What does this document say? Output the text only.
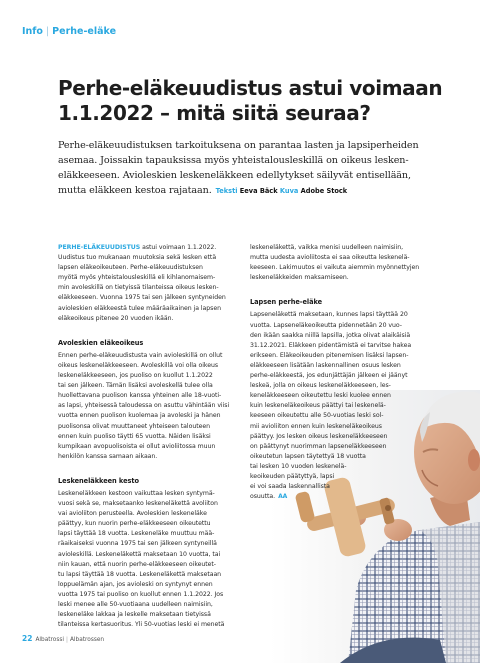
Info | Perhe-eläke
Perhe-eläkeuudistus astui voimaan
1.1.2022 – mitä siitä seuraa?
Perhe-eläkeuudistuksen tarkoituksena on parantaa lasten ja lapsiperheiden
asemaa. Joissakin tapauksissa myös yhteistalouslesk​illä on oikeus lesken-
eläkkeeseen. Avioleskien leskeneläkkeen edellytykset säilyvät entisellään,
mutta eläkkeen kestoa rajataan. Teksti Eeva Bäck Kuva Adobe Stock
PERHE-ELÄKEUUDISTUS astui voimaan 1.1.2022.
Uudistus tuo mukanaan muutoksia sekä lesken että
lapsen eläkeoikeuteen. Perhe-eläkeuudistuksen
myötä myös yhteistalouslesk​illä eli kihlanomaisem-
min avoleskillä on tietyissä tilanteissa oikeus lesken-
eläkkeeseen. Vuonna 1975 tai sen jälkeen syntyneiden
avioleskien eläkkeestä tulee määräaikainen ja lapsen
eläkeoikeus pitenee 20 vuoden ikään.
Avoleskien eläkeoikeus
Ennen perhe-eläkeuudistusta vain avioleskillä on ollut
oikeus leskeneläkkeeseen. Avoleskillä voi olla oikeus
leskeneläkkeeseen, jos puoliso on kuollut 1.1.2022
tai sen jälkeen. Tämän lisäksi avoleskellä tulee olla
huollettavana puolison kanssa yhteinen alle 18-vuoti-
as lapsi, yhteisessä taloudessa on asuttu vähintään viisi
vuotta ennen puolison kuolemaa ja avoleski ja hänen
puolisonsa olivat muuttaneet yhteiseen talouteen
ennen kuin puoliso täytti 65 vuotta. Näiden lisäksi
kumpikaan avopuolisoista ei ollut avioliitossa muun
henkilön kanssa samaan aikaan.
Leskeneläkkeen kesto
Leskeneläkkeen kestoon vaikuttaa lesken syntymä-
vuosi sekä se, maksetaanko leskeneläkettä avoliiton
vai avioliiton perusteella. Avoleskien leskeneläke
päättyy, kun nuorin perhe-eläkkeeseen oikeutettu
lapsi täyttää 18 vuotta. Leskeneläke muuttuu mää-
räaikaiseksi vuonna 1975 tai sen jälkeen syntyneillä
avioleskillä. Leskeneläkettä maksetaan 10 vuotta, tai
niin kauan, että nuorin perhe-eläkkeeseen oikeutet-
tu lapsi täyttää 18 vuotta. Leskeneläkettä maksetaan
loppuelämän ajan, jos avioleski on syntynyt ennen
vuotta 1975 tai puoliso on kuollut ennen 1.1.2022. Jos
leski menee alle 50-vuotiaana uudelleen naimisiin,
leskeneläke lakkaa ja leskelle maksetaan tietyissä
tilanteissa kertasuoritus. Yli 50-vuotias leski ei menetä
leskeneläkettä, vaikka menisi uudelleen naimisiin,
mutta uudesta avioliitosta ei saa oikeutta leskenelä-
keeseen. Lakimuutos ei vaikuta aiemmin myönnettyjen
leskeneläkkeiden maksamiseen.
Lapsen perhe-eläke
Lapseneläkettä maksetaan, kunnes lapsi täyttää 20
vuotta. Lapseneläkeoikeutta pidennetään 20 vuo-
den ikään saakka niillä lapsilla, jotka olivat alaikäisiä
31.12.2021. Eläkkeen pidentämistä ei tarvitse hakea
erikseen. Eläkeoikeuden pitenemisen lisäksi lapsen-
eläkkeeseen lisätään laskennallinen osuus lesken
perhe-eläkkeestä, jos edunjättäjän jälkeen ei jäänyt
leskeä, jolla on oikeus leskeneläkkeeseen, les-
keneläkkeeseen oikeutettu leski kuolee ennen
kuin leskeneläkeoikeus päättyi tai leskenelä-
keeseen oikeutettu alle 50-vuotias leski sol-
mii avioliiton ennen kuin leskeneläkeoikeus
päättyy. Jos lesken oikeus leskeneläkkeeseen
on päättynyt nuorimman lapseneläkkeeseen
oikeutetun lapsen täytettyä 18 vuotta
tai lesken 10 vuoden leskenelä-
keoikeuden päätyttyä, lapsi
ei voi saada laskennallista
osuutta. AA
22 Albatrossi | Albatrossen
